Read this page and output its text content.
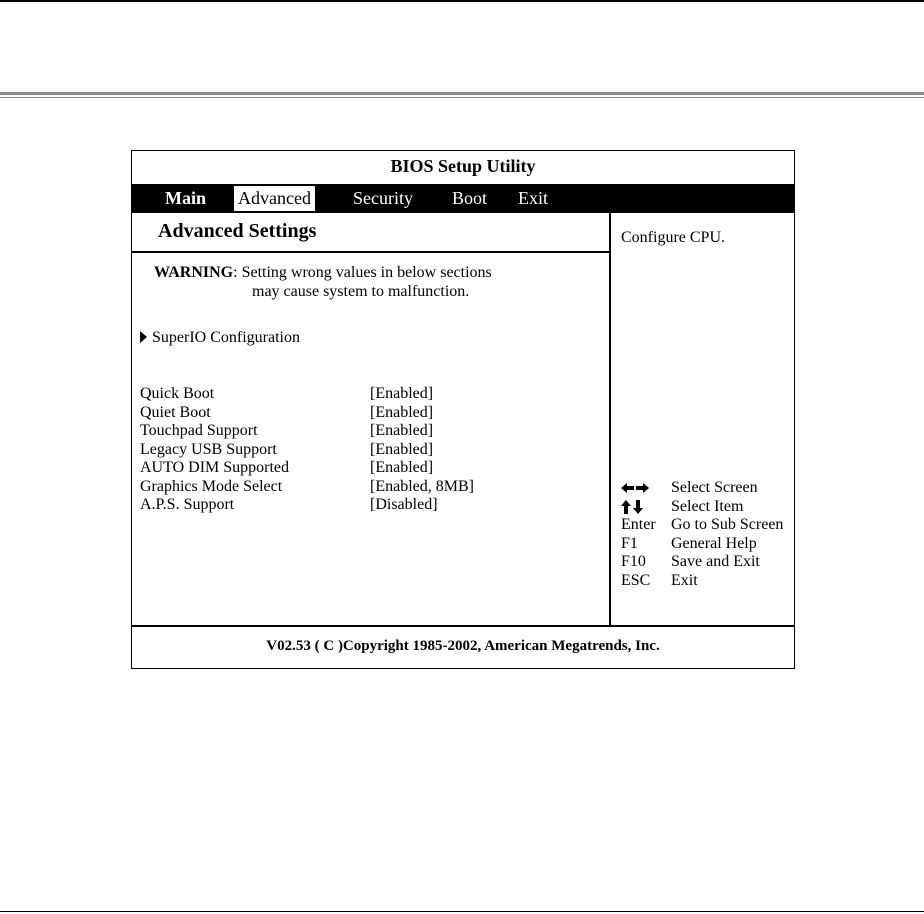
BIOS Setup Utility
Main Advanced Security Boot Exit
Advanced Settings
WARNING: Setting wrong values in below sections
may cause system to malfunction.
SuperIO Configuration
Quick Boot	[Enabled]
Quiet Boot	[Enabled]
Touchpad Support	[Enabled]
Legacy USB Support	[Enabled]
AUTO DIM Supported	[Enabled]
Graphics Mode Select	[Enabled, 8MB]
A.P.S. Support	[Disabled]
Configure CPU.
Select Screen
Select Item
Enter Go to Sub Screen
F1 General Help
F10 Save and Exit
ESC Exit
V02.53 ( C )Copyright 1985-2002, American Megatrends, Inc.
